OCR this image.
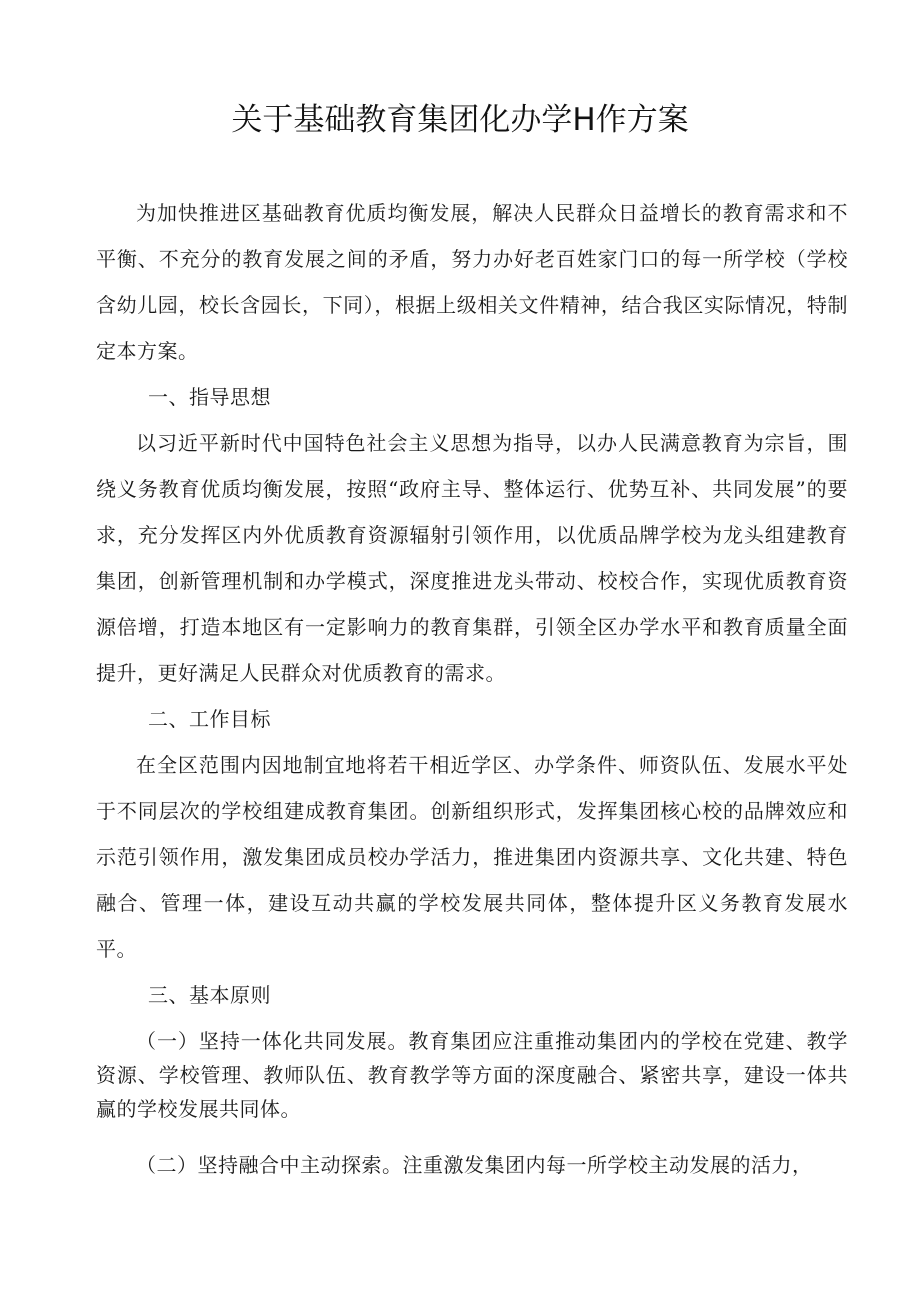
关于基础教育集团化办学H作方案

为加快推进区基础教育优质均衡发展，解决人民群众日益增长的教育需求和不平衡、不充分的教育发展之间的矛盾，努力办好老百姓家门口的每一所学校（学校含幼儿园，校长含园长，下同），根据上级相关文件精神，结合我区实际情况，特制定本方案。

一、指导思想

以习近平新时代中国特色社会主义思想为指导，以办人民满意教育为宗旨，围绕义务教育优质均衡发展，按照“政府主导、整体运行、优势互补、共同发展”的要求，充分发挥区内外优质教育资源辐射引领作用，以优质品牌学校为龙头组建教育集团，创新管理机制和办学模式，深度推进龙头带动、校校合作，实现优质教育资源倍增，打造本地区有一定影响力的教育集群，引领全区办学水平和教育质量全面提升，更好满足人民群众对优质教育的需求。

二、工作目标

在全区范围内因地制宜地将若干相近学区、办学条件、师资队伍、发展水平处于不同层次的学校组建成教育集团。创新组织形式，发挥集团核心校的品牌效应和示范引领作用，激发集团成员校办学活力，推进集团内资源共享、文化共建、特色融合、管理一体，建设互动共赢的学校发展共同体，整体提升区义务教育发展水平。

三、基本原则

（一）坚持一体化共同发展。教育集团应注重推动集团内的学校在党建、教学资源、学校管理、教师队伍、教育教学等方面的深度融合、紧密共享，建设一体共赢的学校发展共同体。

（二）坚持融合中主动探索。注重激发集团内每一所学校主动发展的活力，
